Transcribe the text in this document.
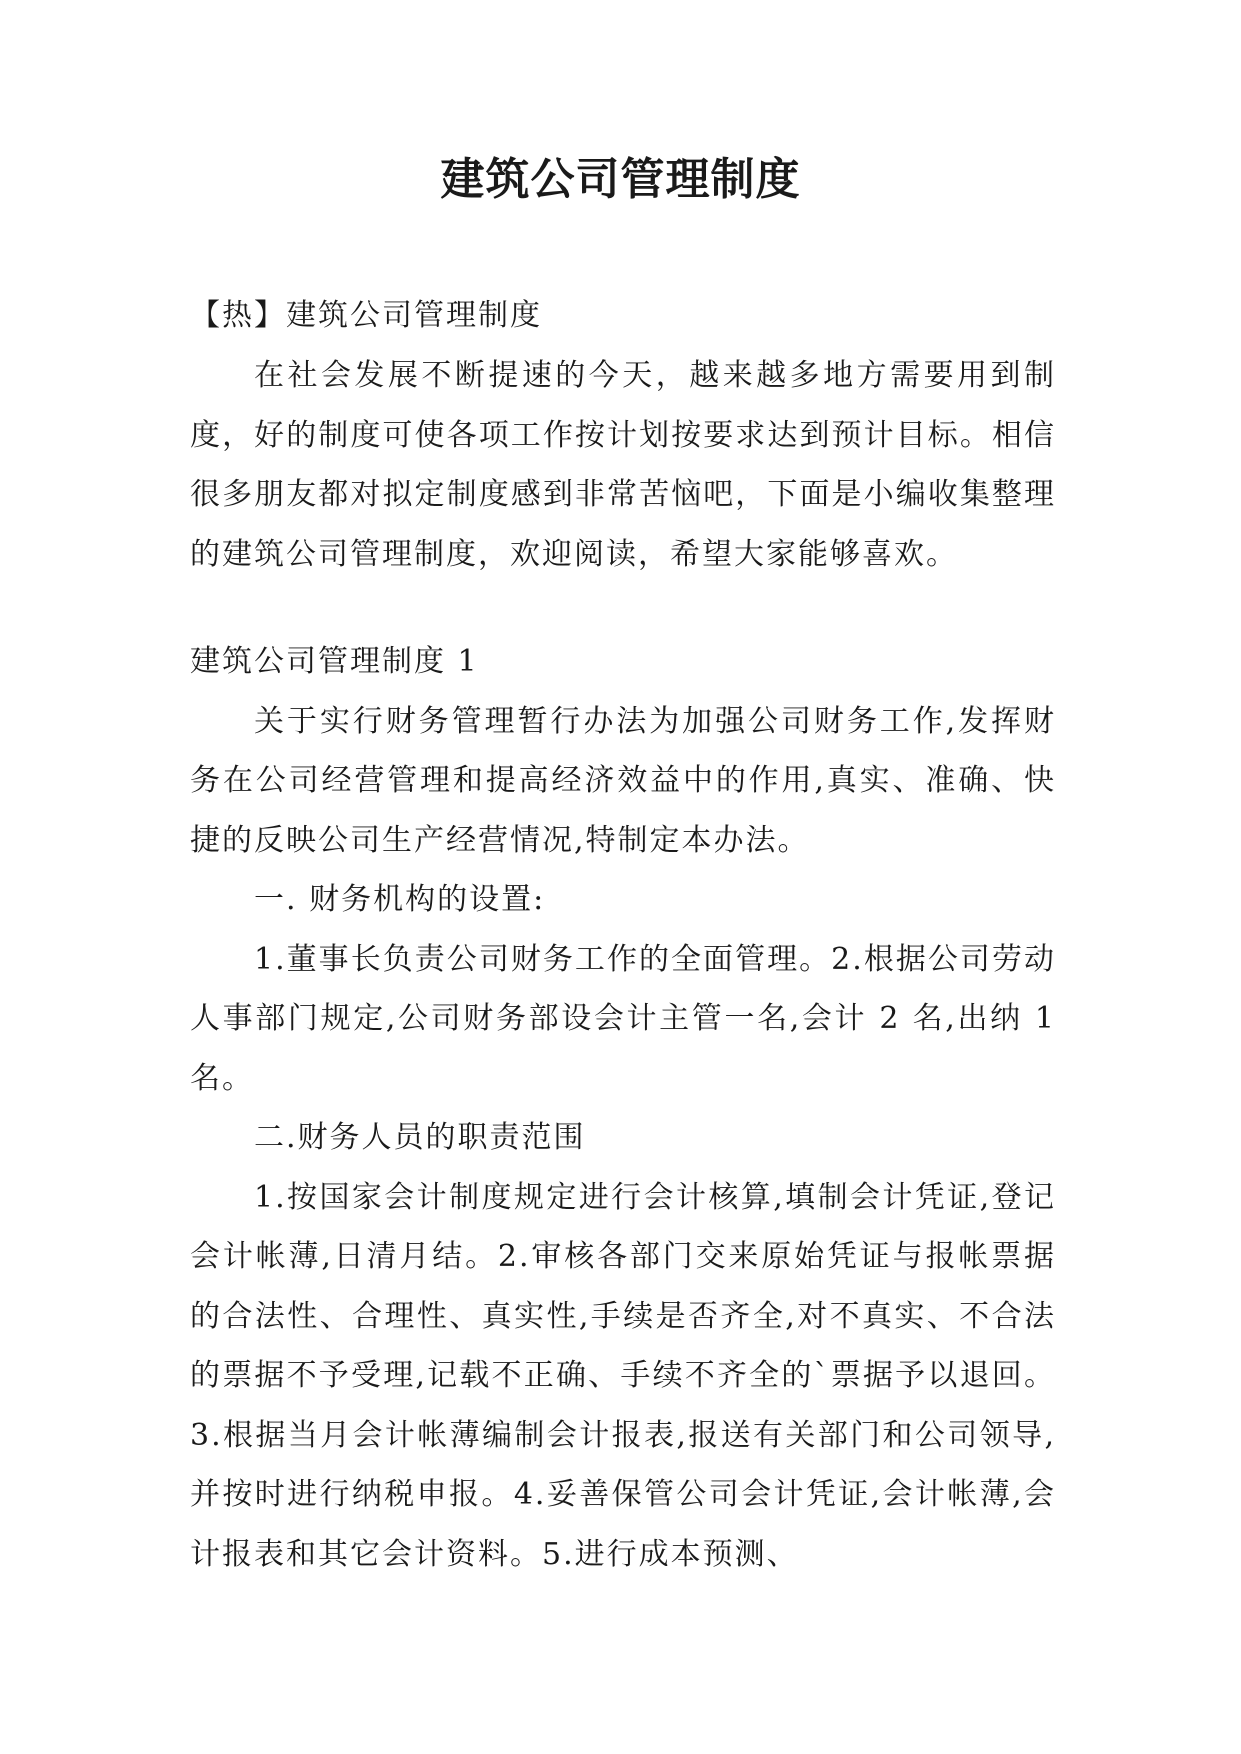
建筑公司管理制度
【热】建筑公司管理制度

在社会发展不断提速的今天，越来越多地方需要用到制度，好的制度可使各项工作按计划按要求达到预计目标。相信很多朋友都对拟定制度感到非常苦恼吧，下面是小编收集整理的建筑公司管理制度，欢迎阅读，希望大家能够喜欢。

建筑公司管理制度 1

关于实行财务管理暂行办法为加强公司财务工作,发挥财务在公司经营管理和提高经济效益中的作用,真实、准确、快捷的反映公司生产经营情况,特制定本办法。

一. 财务机构的设置:

1.董事长负责公司财务工作的全面管理。2.根据公司劳动人事部门规定,公司财务部设会计主管一名,会计 2 名,出纳 1 名。

二.财务人员的职责范围

1.按国家会计制度规定进行会计核算,填制会计凭证,登记会计帐薄,日清月结。2.审核各部门交来原始凭证与报帐票据的合法性、合理性、真实性,手续是否齐全,对不真实、不合法的票据不予受理,记载不正确、手续不齐全的`票据予以退回。3.根据当月会计帐薄编制会计报表,报送有关部门和公司领导,并按时进行纳税申报。4.妥善保管公司会计凭证,会计帐薄,会计报表和其它会计资料。5.进行成本预测、
